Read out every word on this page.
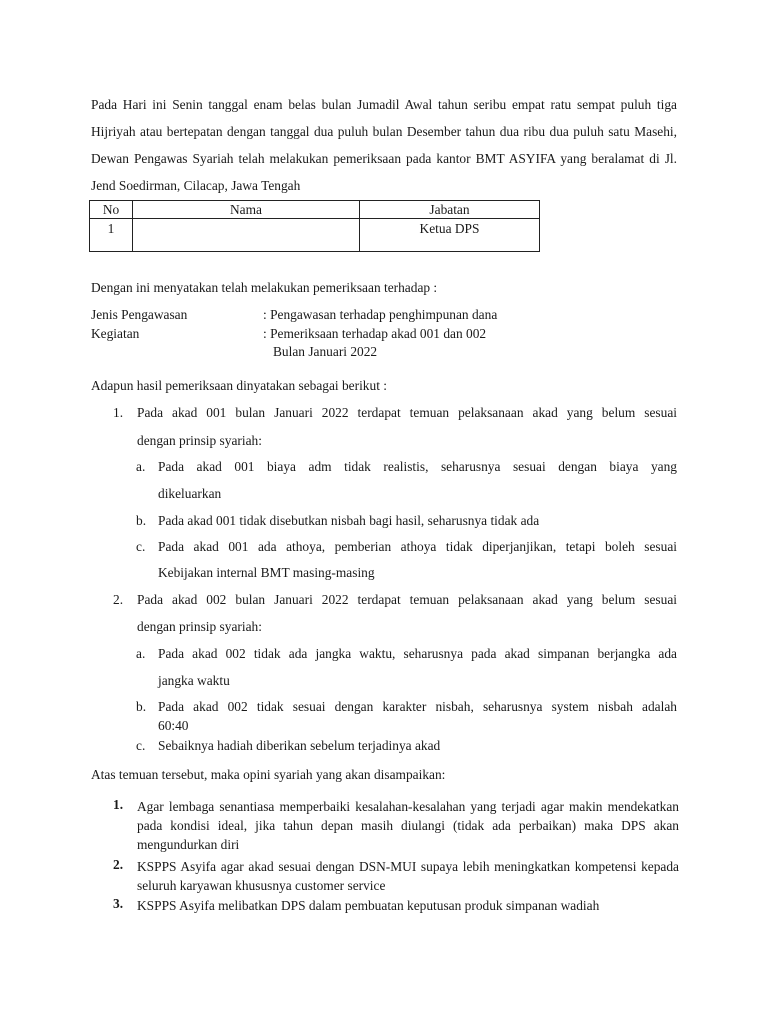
Pada Hari ini Senin tanggal enam belas bulan Jumadil Awal tahun seribu empat ratu sempat puluh tiga Hijriyah atau bertepatan dengan tanggal dua puluh bulan Desember tahun dua ribu dua puluh satu Masehi, Dewan Pengawas Syariah telah melakukan pemeriksaan pada kantor BMT ASYIFA yang beralamat di Jl. Jend Soedirman, Cilacap, Jawa Tengah

No	Nama	Jabatan
1		Ketua DPS

Dengan ini menyatakan telah melakukan pemeriksaan terhadap :

Jenis Pengawasan	: Pengawasan terhadap penghimpunan dana
Kegiatan	: Pemeriksaan terhadap akad 001 dan 002
Bulan Januari 2022

Adapun hasil pemeriksaan dinyatakan sebagai berikut :

1. Pada akad 001 bulan Januari 2022 terdapat temuan pelaksanaan akad yang belum sesuai
dengan prinsip syariah:
a. Pada akad 001 biaya adm tidak realistis, seharusnya sesuai dengan biaya yang
dikeluarkan
b. Pada akad 001 tidak disebutkan nisbah bagi hasil, seharusnya tidak ada
c. Pada akad 001 ada athoya, pemberian athoya tidak diperjanjikan, tetapi boleh sesuai
Kebijakan internal BMT masing-masing
2. Pada akad 002 bulan Januari 2022 terdapat temuan pelaksanaan akad yang belum sesuai
dengan prinsip syariah:
a. Pada akad 002 tidak ada jangka waktu, seharusnya pada akad simpanan berjangka ada
jangka waktu
b. Pada akad 002 tidak sesuai dengan karakter nisbah, seharusnya system nisbah adalah
60:40
c. Sebaiknya hadiah diberikan sebelum terjadinya akad

Atas temuan tersebut, maka opini syariah yang akan disampaikan:

1. Agar lembaga senantiasa memperbaiki kesalahan-kesalahan yang terjadi agar makin mendekatkan pada kondisi ideal, jika tahun depan masih diulangi (tidak ada perbaikan) maka DPS akan mengundurkan diri
2. KSPPS Asyifa agar akad sesuai dengan DSN-MUI supaya lebih meningkatkan kompetensi kepada seluruh karyawan khususnya customer service
3. KSPPS Asyifa melibatkan DPS dalam pembuatan keputusan produk simpanan wadiah
